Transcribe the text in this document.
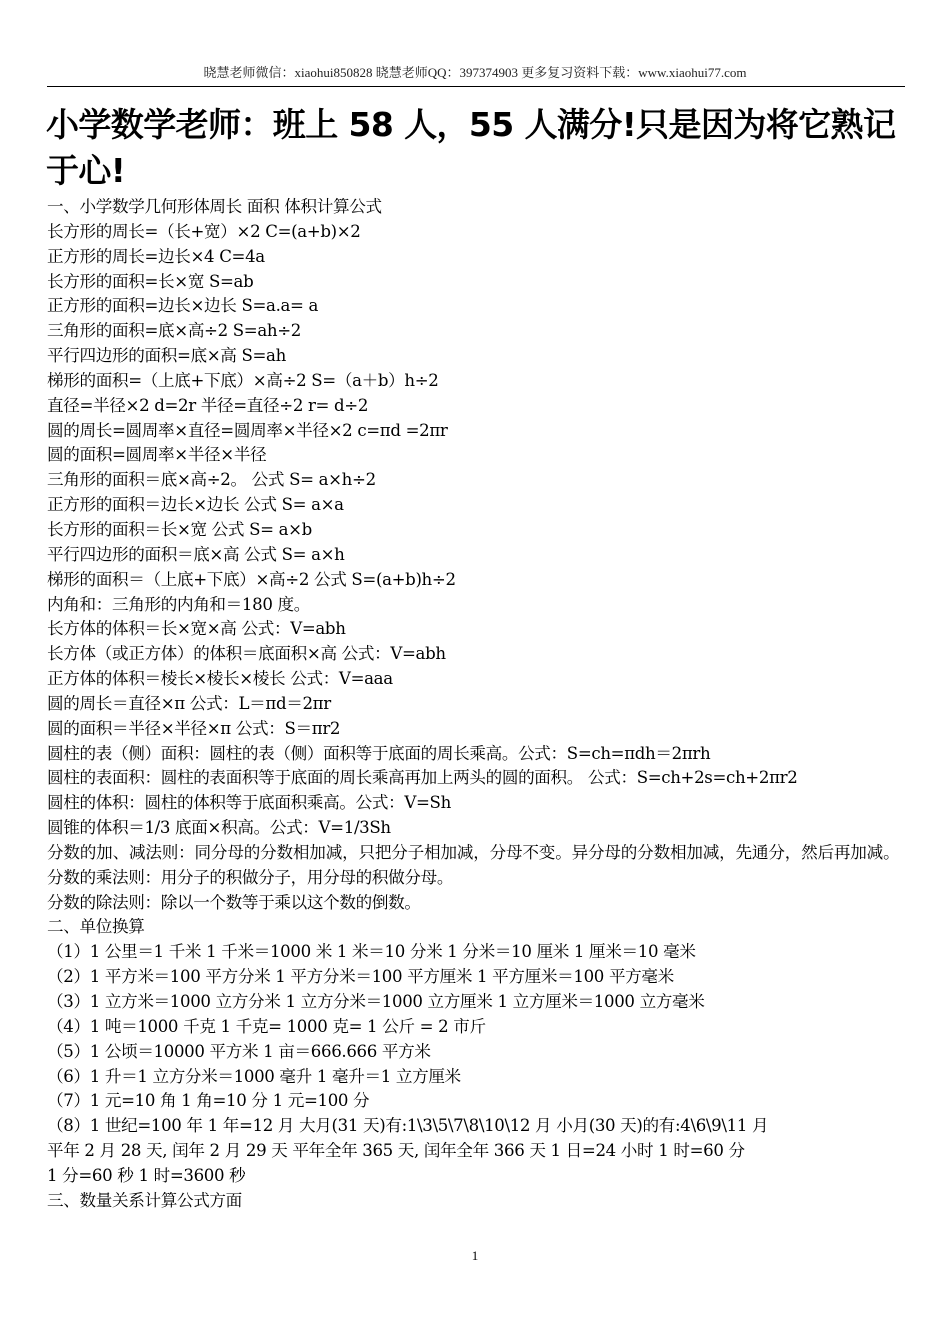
晓慧老师微信：xiaohui850828 晓慧老师QQ：397374903 更多复习资料下载：www.xiaohui77.com
小学数学老师：班上 58 人，55 人满分!只是因为将它熟记于心!
一、小学数学几何形体周长 面积 体积计算公式
长方形的周长=（长+宽）×2 C=(a+b)×2
正方形的周长=边长×4 C=4a
长方形的面积=长×宽 S=ab
正方形的面积=边长×边长 S=a.a= a
三角形的面积=底×高÷2 S=ah÷2
平行四边形的面积=底×高 S=ah
梯形的面积=（上底+下底）×高÷2 S=（a＋b）h÷2
直径=半径×2 d=2r 半径=直径÷2 r= d÷2
圆的周长=圆周率×直径=圆周率×半径×2 c=πd =2πr
圆的面积=圆周率×半径×半径
三角形的面积＝底×高÷2。 公式 S= a×h÷2
正方形的面积＝边长×边长 公式 S= a×a
长方形的面积＝长×宽 公式 S= a×b
平行四边形的面积＝底×高 公式 S= a×h
梯形的面积＝（上底+下底）×高÷2 公式 S=(a+b)h÷2
内角和：三角形的内角和＝180 度。
长方体的体积＝长×宽×高 公式：V=abh
长方体（或正方体）的体积＝底面积×高 公式：V=abh
正方体的体积＝棱长×棱长×棱长 公式：V=aaa
圆的周长＝直径×π 公式：L＝πd＝2πr
圆的面积＝半径×半径×π 公式：S＝πr2
圆柱的表（侧）面积：圆柱的表（侧）面积等于底面的周长乘高。公式：S=ch=πdh＝2πrh
圆柱的表面积：圆柱的表面积等于底面的周长乘高再加上两头的圆的面积。 公式：S=ch+2s=ch+2πr2
圆柱的体积：圆柱的体积等于底面积乘高。公式：V=Sh
圆锥的体积＝1/3 底面×积高。公式：V=1/3Sh
分数的加、减法则：同分母的分数相加减，只把分子相加减，分母不变。异分母的分数相加减，先通分，然后再加减。
分数的乘法则：用分子的积做分子，用分母的积做分母。
分数的除法则：除以一个数等于乘以这个数的倒数。
二、单位换算
（1）1 公里＝1 千米 1 千米＝1000 米 1 米＝10 分米 1 分米＝10 厘米 1 厘米＝10 毫米
（2）1 平方米＝100 平方分米 1 平方分米＝100 平方厘米 1 平方厘米＝100 平方毫米
（3）1 立方米＝1000 立方分米 1 立方分米＝1000 立方厘米 1 立方厘米＝1000 立方毫米
（4）1 吨＝1000 千克 1 千克= 1000 克= 1 公斤 = 2 市斤
（5）1 公顷＝10000 平方米 1 亩＝666.666 平方米
（6）1 升＝1 立方分米＝1000 毫升 1 毫升＝1 立方厘米
（7）1 元=10 角 1 角=10 分 1 元=100 分
（8）1 世纪=100 年 1 年=12 月 大月(31 天)有:1\3\5\7\8\10\12 月 小月(30 天)的有:4\6\9\11 月
平年 2 月 28 天, 闰年 2 月 29 天 平年全年 365 天, 闰年全年 366 天 1 日=24 小时 1 时=60 分
1 分=60 秒 1 时=3600 秒
三、数量关系计算公式方面
1
